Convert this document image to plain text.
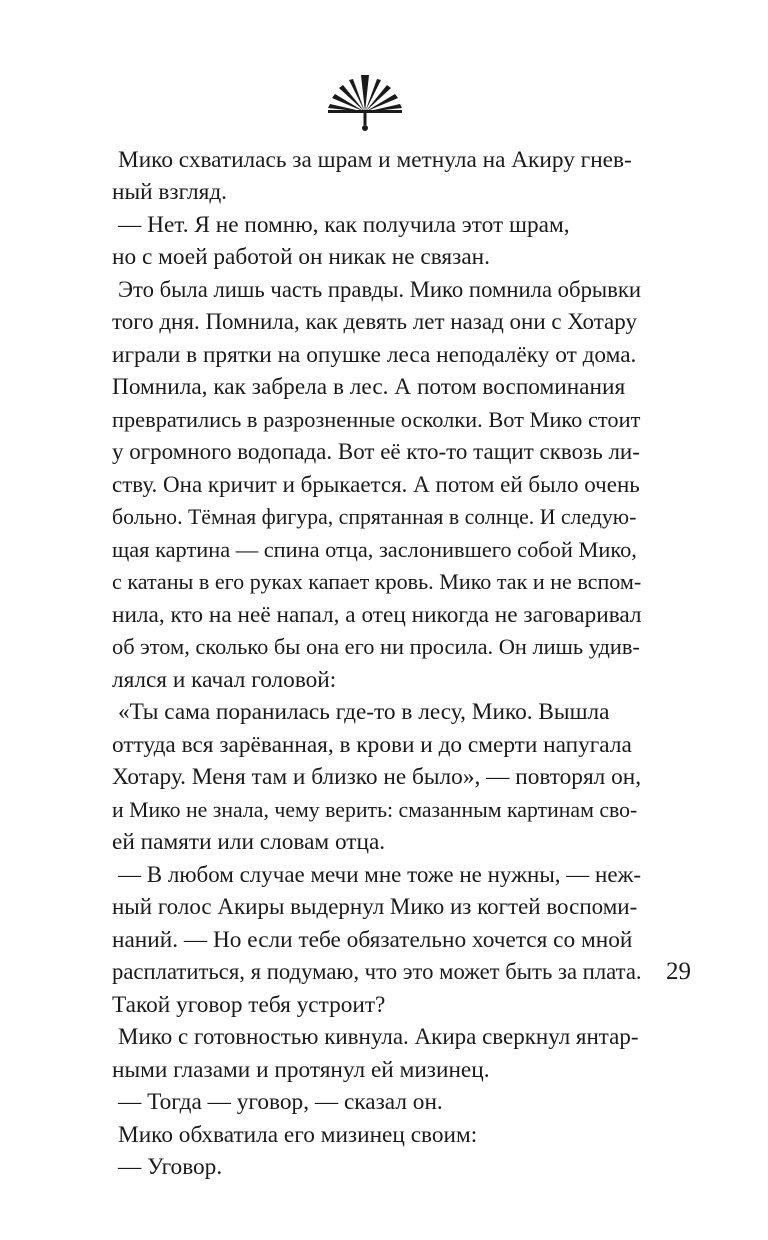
Мико схватилась за шрам и метнула на Акиру гнев-
ный взгляд.
— Нет. Я не помню, как получила этот шрам,
но с моей работой он никак не связан.
Это была лишь часть правды. Мико помнила обрывки
того дня. Помнила, как девять лет назад они с Хотару
играли в прятки на опушке леса неподалёку от дома.
Помнила, как забрела в лес. А потом воспоминания
превратились в разрозненные осколки. Вот Мико стоит
у огромного водопада. Вот её кто-то тащит сквозь ли-
ству. Она кричит и брыкается. А потом ей было очень
больно. Тёмная фигура, спрятанная в солнце. И следую-
щая картина — спина отца, заслонившего собой Мико,
с катаны в его руках капает кровь. Мико так и не вспом-
нила, кто на неё напал, а отец никогда не заговаривал
об этом, сколько бы она его ни просила. Он лишь удив-
лялся и качал головой:
«Ты сама поранилась где-то в лесу, Мико. Вышла
оттуда вся зарёванная, в крови и до смерти напугала
Хотару. Меня там и близко не было», — повторял он,
и Мико не знала, чему верить: смазанным картинам сво-
ей памяти или словам отца.
— В любом случае мечи мне тоже не нужны, — неж-
ный голос Акиры выдернул Мико из когтей воспоми-
наний. — Но если тебе обязательно хочется со мной
расплатиться, я подумаю, что это может быть за плата.
Такой уговор тебя устроит?
Мико с готовностью кивнула. Акира сверкнул янтар-
ными глазами и протянул ей мизинец.
— Тогда — уговор, — сказал он.
Мико обхватила его мизинец своим:
— Уговор.
29
